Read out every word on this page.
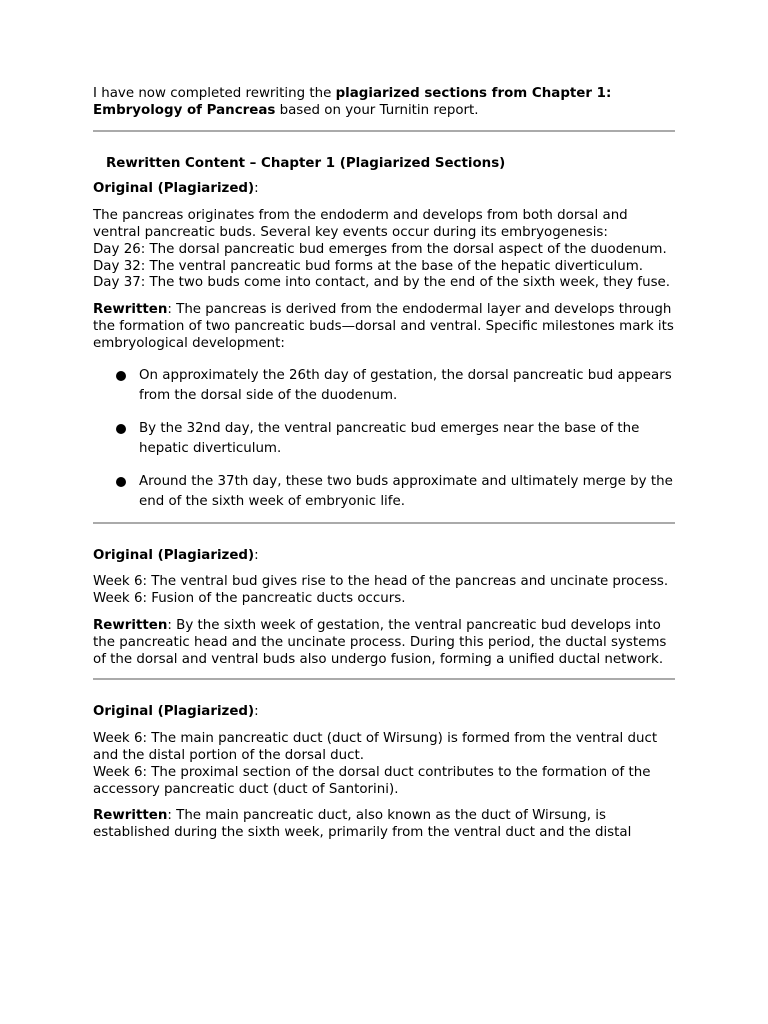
I have now completed rewriting the plagiarized sections from Chapter 1: Embryology of Pancreas based on your Turnitin report.

Rewritten Content – Chapter 1 (Plagiarized Sections)

Original (Plagiarized):

The pancreas originates from the endoderm and develops from both dorsal and ventral pancreatic buds. Several key events occur during its embryogenesis:

Day 26: The dorsal pancreatic bud emerges from the dorsal aspect of the duodenum.

Day 32: The ventral pancreatic bud forms at the base of the hepatic diverticulum.

Day 37: The two buds come into contact, and by the end of the sixth week, they fuse.

Rewritten: The pancreas is derived from the endodermal layer and develops through the formation of two pancreatic buds—dorsal and ventral. Specific milestones mark its embryological development:

On approximately the 26th day of gestation, the dorsal pancreatic bud appears from the dorsal side of the duodenum.
By the 32nd day, the ventral pancreatic bud emerges near the base of the hepatic diverticulum.
Around the 37th day, these two buds approximate and ultimately merge by the end of the sixth week of embryonic life.

Original (Plagiarized):

Week 6: The ventral bud gives rise to the head of the pancreas and uncinate process.

Week 6: Fusion of the pancreatic ducts occurs.

Rewritten: By the sixth week of gestation, the ventral pancreatic bud develops into the pancreatic head and the uncinate process. During this period, the ductal systems of the dorsal and ventral buds also undergo fusion, forming a unified ductal network.

Original (Plagiarized):

Week 6: The main pancreatic duct (duct of Wirsung) is formed from the ventral duct and the distal portion of the dorsal duct.

Week 6: The proximal section of the dorsal duct contributes to the formation of the accessory pancreatic duct (duct of Santorini).

Rewritten: The main pancreatic duct, also known as the duct of Wirsung, is established during the sixth week, primarily from the ventral duct and the distal
